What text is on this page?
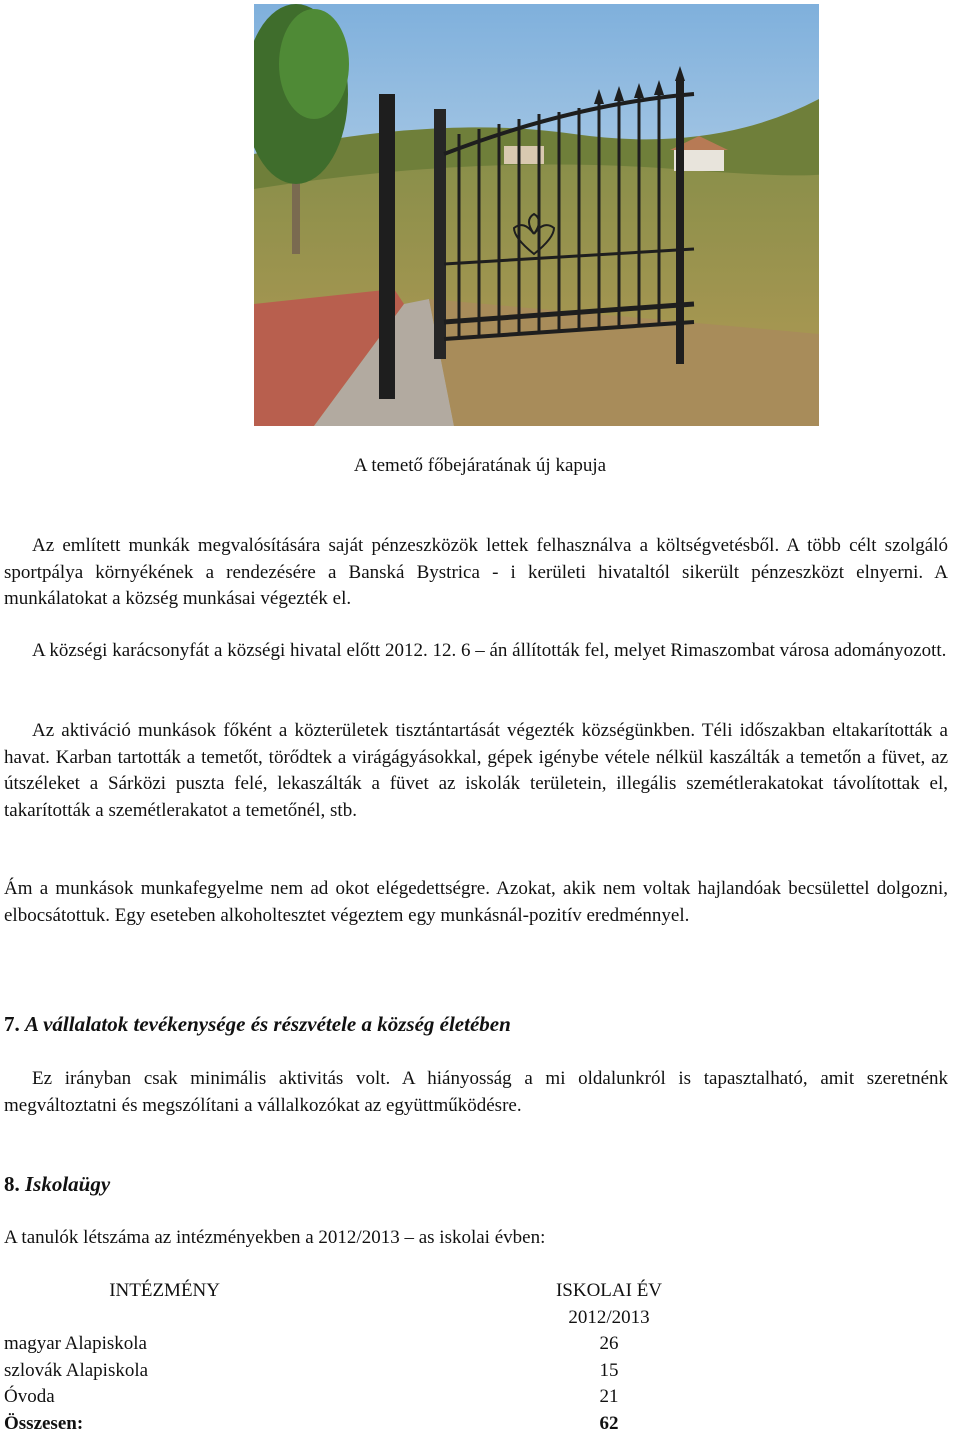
A temető főbejáratának új kapuja
Az említett munkák megvalósítására saját pénzeszközök lettek felhasználva a költségvetésből. A több célt szolgáló sportpálya környékének a rendezésére a Banská Bystrica - i kerületi hivataltól sikerült pénzeszközt elnyerni. A munkálatokat a község munkásai végezték el.
A községi karácsonyfát a községi hivatal előtt 2012. 12. 6 – án állították fel, melyet Rimaszombat városa adományozott.
Az aktiváció munkások főként a közterületek tisztántartását végezték községünkben. Téli időszakban eltakarították a havat. Karban tartották a temetőt, törődtek a virágágyásokkal, gépek igénybe vétele nélkül kaszálták a temetőn a füvet, az útszéleket a Sárközi puszta felé, lekaszálták a füvet az iskolák területein, illegális szemétlerakatokat távolítottak el, takarították a szemétlerakatot a temetőnél, stb.
Ám a munkások munkafegyelme nem ad okot elégedettségre. Azokat, akik nem voltak hajlandóak becsülettel dolgozni, elbocsátottuk. Egy eseteben alkoholtesztet végeztem egy munkásnál-pozitív eredménnyel.
7. A vállalatok tevékenysége és részvétele a község életében
Ez irányban csak minimális aktivitás volt. A hiányosság a mi oldalunkról is tapasztalható, amit szeretnénk megváltoztatni és megszólítani a vállalkozókat az együttműködésre.
8. Iskolaügy
A tanulók létszáma az intézményekben a 2012/2013 – as iskolai évben:
INTÉZMÉNY	ISKOLAI ÉV
2012/2013
magyar Alapiskola	26
szlovák Alapiskola	15
Óvoda	21
Összesen:	62
